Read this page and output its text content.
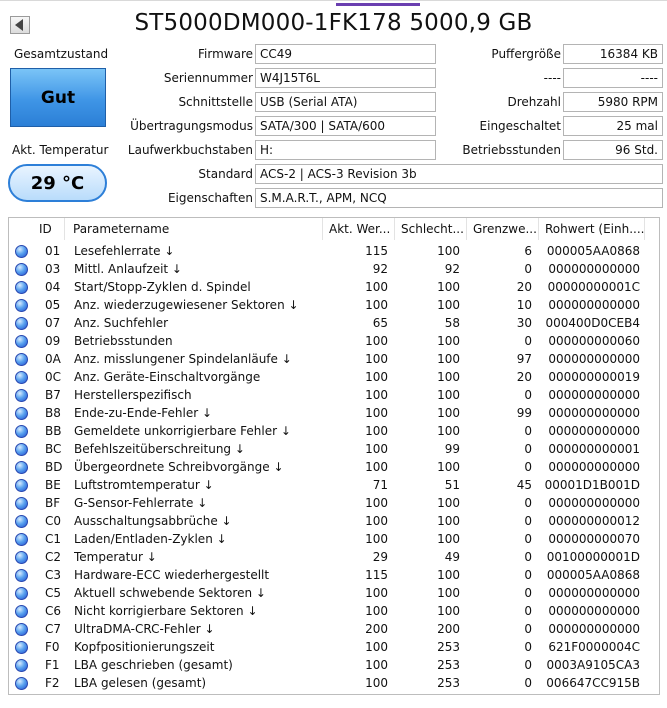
ST5000DM000-1FK178 5000,9 GB
Gesamtzustand
Gut
Akt. Temperatur
29 °C
Firmware CC49
Seriennummer W4J15T6L
Schnittstelle USB (Serial ATA)
Übertragungsmodus SATA/300 | SATA/600
Laufwerkbuchstaben H:
Puffergröße	16384 KB
----	----
Drehzahl	5980 RPM
Eingeschaltet	25 mal
Betriebsstunden	96 Std.
Standard ACS-2 | ACS-3 Revision 3b
Eigenschaften S.M.A.R.T., APM, NCQ
ID	Parametername	Akt. Wer... Schlecht... Grenzwe... Rohwert (Einh....
01	Lesefehlerrate ↓	115	100	6	000005AA0868
03	Mittl. Anlaufzeit ↓	92	92	0	000000000000
04	Start/Stopp-Zyklen d. Spindel	100	100	20	00000000001C
05	Anz. wiederzugewiesener Sektoren ↓	100	100	10	000000000000
07	Anz. Suchfehler	65	58	30 000400D0CEB4
09	Betriebsstunden	100	100	0	000000000060
0A	Anz. misslungener Spindelanläufe ↓	100	100	97	000000000000
0C	Anz. Geräte-Einschaltvorgänge	100	100	20	000000000019
B7	Herstellerspezifisch	100	100	0	000000000000
B8	Ende-zu-Ende-Fehler ↓	100	100	99	000000000000
BB	Gemeldete unkorrigierbare Fehler ↓	100	100	0	000000000000
BC	Befehlszeitüberschreitung ↓	100	99	0	000000000001
BD Übergeordnete Schreibvorgänge ↓	100	100	0	000000000000
BE	Luftstromtemperatur ↓	71	51	45 00001D1B001D
BF	G-Sensor-Fehlerrate ↓	100	100	0	000000000000
C0	Ausschaltungsabbrüche ↓	100	100	0	000000000012
C1	Laden/Entladen-Zyklen ↓	100	100	0	000000000070
C2	Temperatur ↓	29	49	0	00100000001D
C3	Hardware-ECC wiederhergestellt	115	100	0	000005AA0868
C5	Aktuell schwebende Sektoren ↓	100	100	0	000000000000
C6	Nicht korrigierbare Sektoren ↓	100	100	0	000000000000
C7	UltraDMA-CRC-Fehler ↓	200	200	0	000000000000
F0	Kopfpositionierungszeit	100	253	0	621F0000004C
F1	LBA geschrieben (gesamt)	100	253	0 0003A9105CA3
F2	LBA gelesen (gesamt)	100	253	0 006647CC915B
